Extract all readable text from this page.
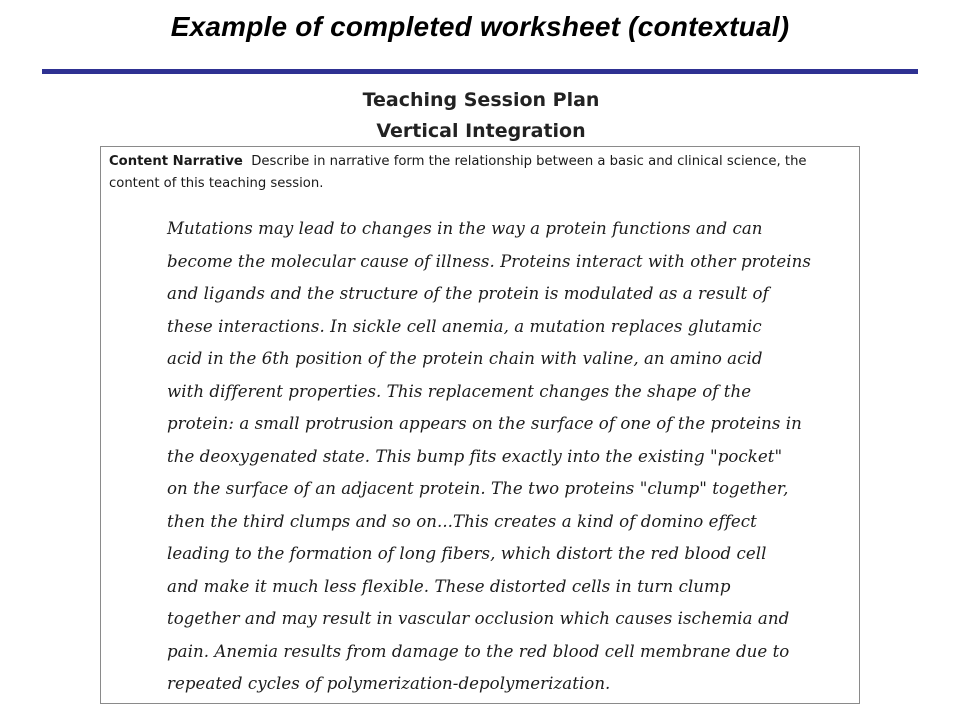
Example of completed worksheet (contextual)
Teaching Session Plan
Vertical Integration

Content Narrative Describe in narrative form the relationship between a basic and clinical science, the content of this teaching session.

Mutations may lead to changes in the way a protein functions and can
become the molecular cause of illness. Proteins interact with other proteins
and ligands and the structure of the protein is modulated as a result of
these interactions. In sickle cell anemia, a mutation replaces glutamic
acid in the 6th position of the protein chain with valine, an amino acid
with different properties. This replacement changes the shape of the
protein: a small protrusion appears on the surface of one of the proteins in
the deoxygenated state. This bump fits exactly into the existing "pocket"
on the surface of an adjacent protein. The two proteins "clump" together,
then the third clumps and so on...This creates a kind of domino effect
leading to the formation of long fibers, which distort the red blood cell
and make it much less flexible. These distorted cells in turn clump
together and may result in vascular occlusion which causes ischemia and
pain. Anemia results from damage to the red blood cell membrane due to
repeated cycles of polymerization-depolymerization.
